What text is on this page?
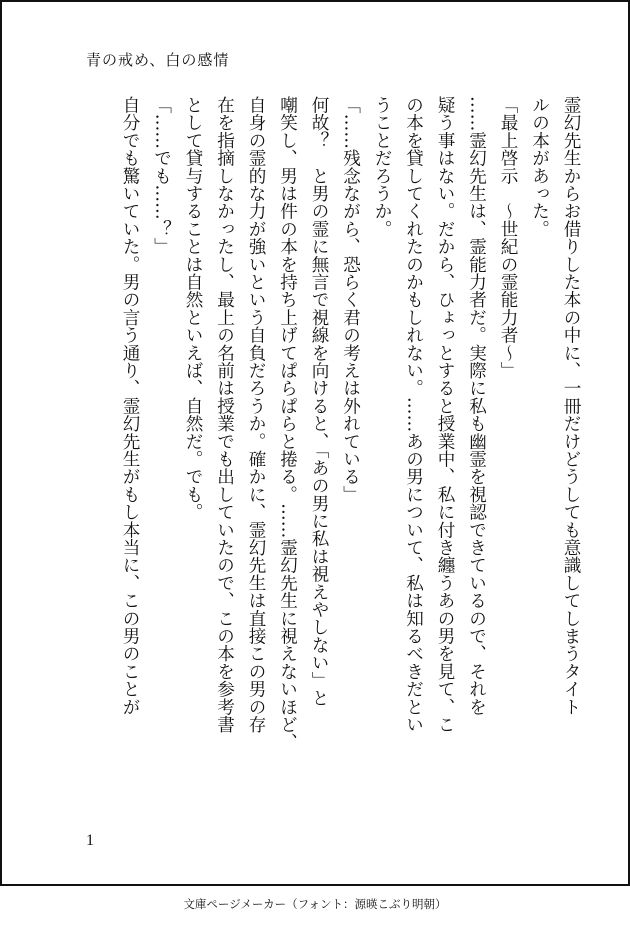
青の戒め、白の感情

霊幻先生からお借りした本の中に、一冊だけどうしても意識してしまうタイト

ルの本があった。

「最上啓示　～世紀の霊能力者～」

……霊幻先生は、霊能力者だ。実際に私も幽霊を視認できているので、それを

疑う事はない。だから、ひょっとすると授業中、私に付き纏うあの男を見て、こ

の本を貸してくれたのかもしれない。……あの男について、私は知るべきだとい

うことだろうか。

「……残念ながら、恐らく君の考えは外れている」

何故？　と男の霊に無言で視線を向けると、「あの男に私は視えやしない」と

嘲笑し、男は件の本を持ち上げてぱらぱらと捲る。……霊幻先生に視えないほど、

自身の霊的な力が強いという自負だろうか。確かに、霊幻先生は直接この男の存

在を指摘しなかったし、最上の名前は授業でも出していたので、この本を参考書

として貸与することは自然といえば、自然だ。でも。

「……でも……？」

自分でも驚いていた。男の言う通り、霊幻先生がもし本当に、この男のことが

1
文庫ページメーカー（フォント：源暎こぶり明朝）
